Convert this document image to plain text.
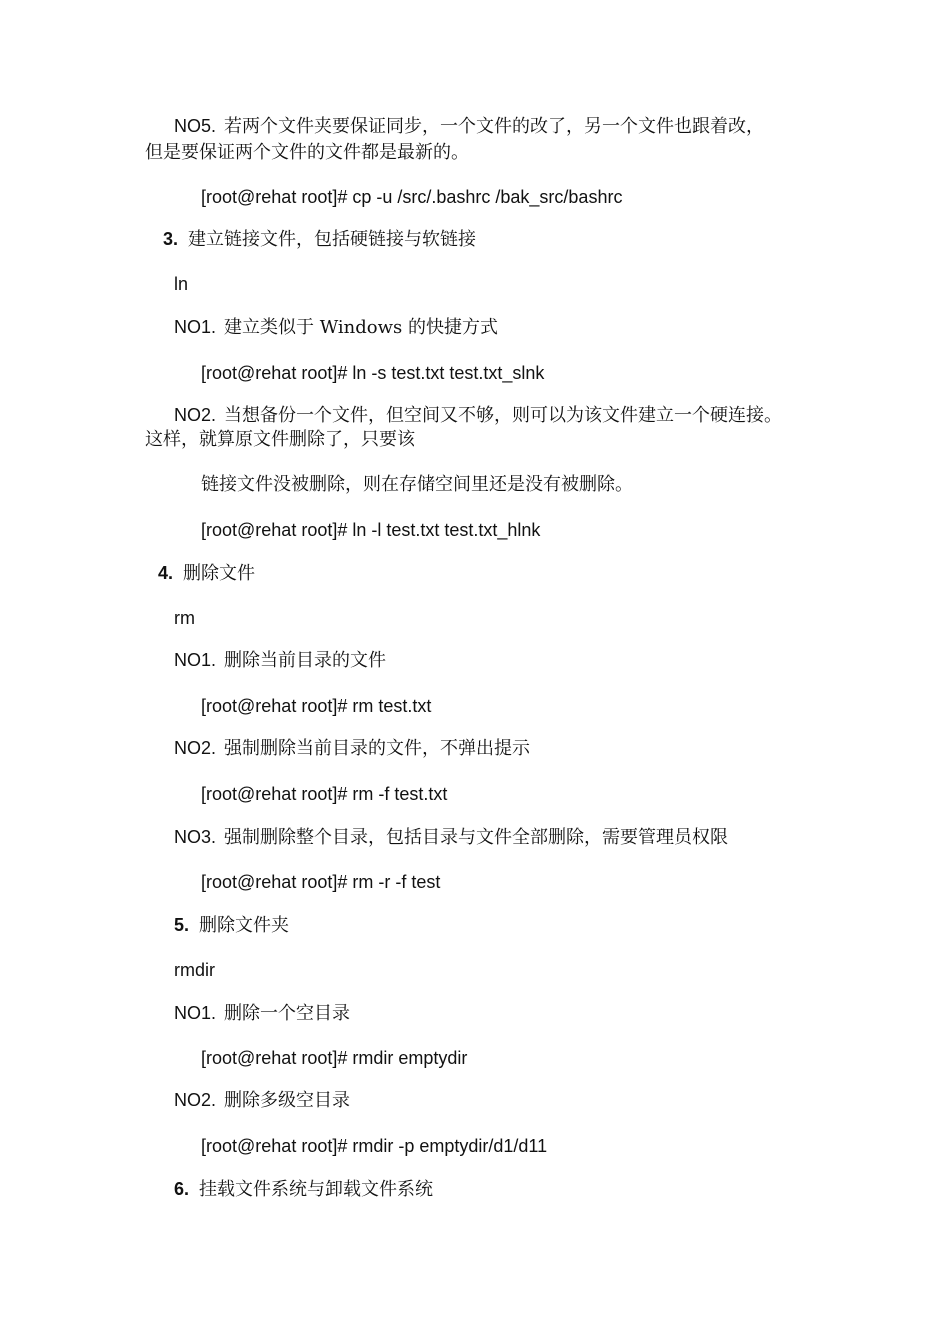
NO5. 若两个文件夹要保证同步，一个文件的改了，另一个文件也跟着改，
但是要保证两个文件的文件都是最新的。
[root@rehat root]# cp -u /src/.bashrc /bak_src/bashrc
3. 建立链接文件，包括硬链接与软链接
ln
NO1. 建立类似于 Windows 的快捷方式
[root@rehat root]# ln -s test.txt test.txt_slnk
NO2. 当想备份一个文件，但空间又不够，则可以为该文件建立一个硬连接。
这样，就算原文件删除了，只要该
链接文件没被删除，则在存储空间里还是没有被删除。
[root@rehat root]# ln -l test.txt test.txt_hlnk
4. 删除文件
rm
NO1. 删除当前目录的文件
[root@rehat root]# rm test.txt
NO2. 强制删除当前目录的文件，不弹出提示
[root@rehat root]# rm -f test.txt
NO3. 强制删除整个目录，包括目录与文件全部删除，需要管理员权限
[root@rehat root]# rm -r -f test
5. 删除文件夹
rmdir
NO1. 删除一个空目录
[root@rehat root]# rmdir emptydir
NO2. 删除多级空目录
[root@rehat root]# rmdir -p emptydir/d1/d11
6. 挂载文件系统与卸载文件系统
